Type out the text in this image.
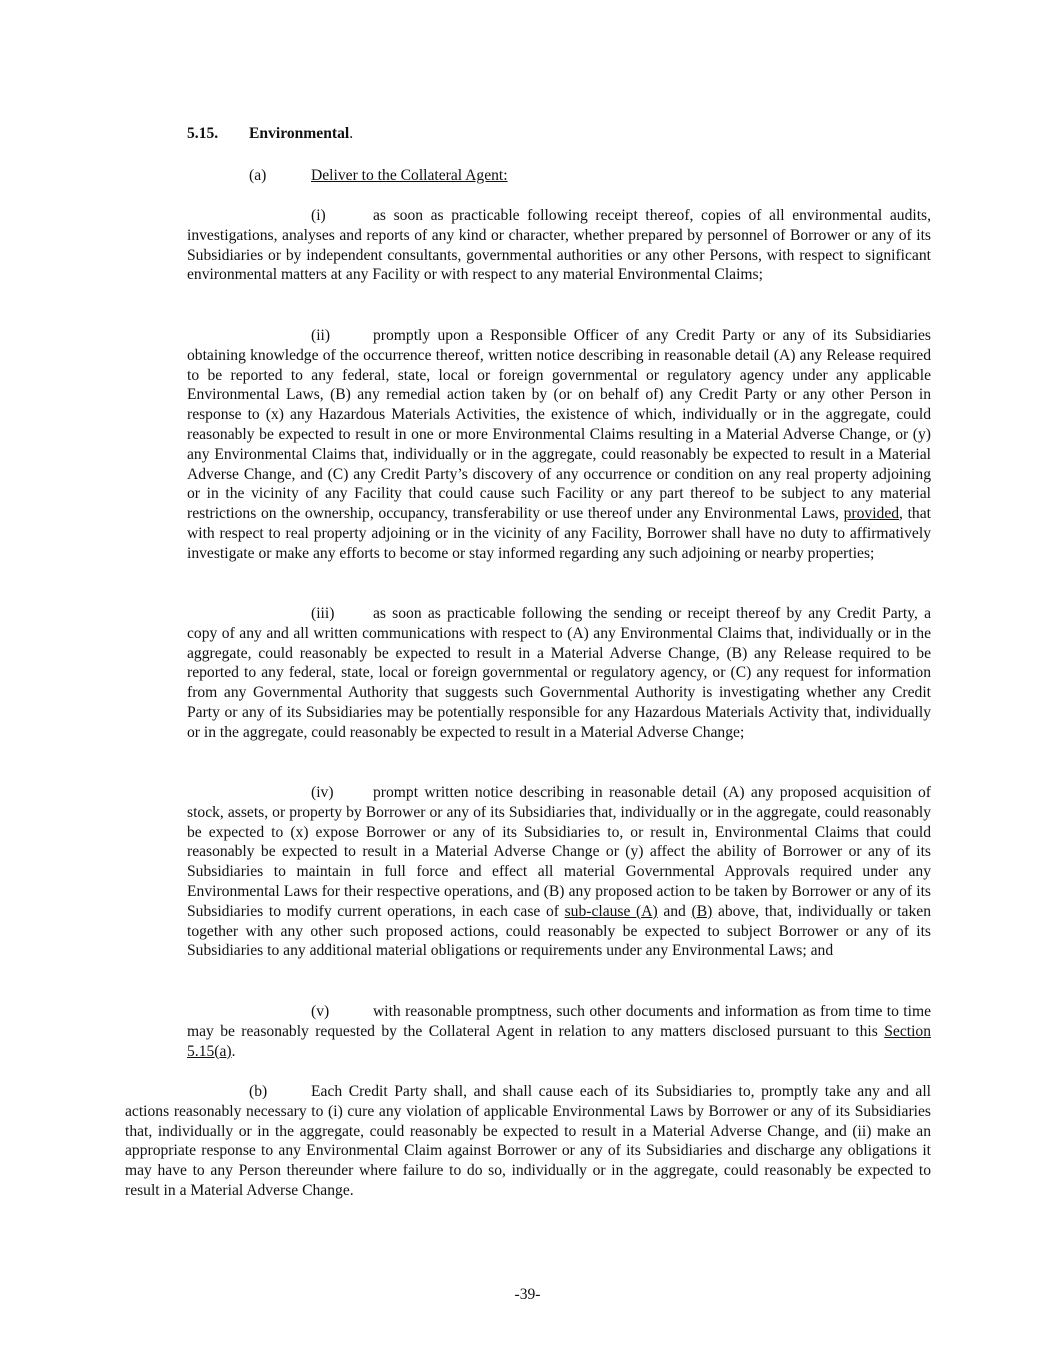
5.15. Environmental.
(a)	Deliver to the Collateral Agent:
(i)	as soon as practicable following receipt thereof, copies of all environmental audits, investigations, analyses and reports of any kind or character, whether prepared by personnel of Borrower or any of its Subsidiaries or by independent consultants, governmental authorities or any other Persons, with respect to significant environmental matters at any Facility or with respect to any material Environmental Claims;
(ii)	promptly upon a Responsible Officer of any Credit Party or any of its Subsidiaries obtaining knowledge of the occurrence thereof, written notice describing in reasonable detail (A) any Release required to be reported to any federal, state, local or foreign governmental or regulatory agency under any applicable Environmental Laws, (B) any remedial action taken by (or on behalf of) any Credit Party or any other Person in response to (x) any Hazardous Materials Activities, the existence of which, individually or in the aggregate, could reasonably be expected to result in one or more Environmental Claims resulting in a Material Adverse Change, or (y) any Environmental Claims that, individually or in the aggregate, could reasonably be expected to result in a Material Adverse Change, and (C) any Credit Party’s discovery of any occurrence or condition on any real property adjoining or in the vicinity of any Facility that could cause such Facility or any part thereof to be subject to any material restrictions on the ownership, occupancy, transferability or use thereof under any Environmental Laws, provided, that with respect to real property adjoining or in the vicinity of any Facility, Borrower shall have no duty to affirmatively investigate or make any efforts to become or stay informed regarding any such adjoining or nearby properties;
(iii) as soon as practicable following the sending or receipt thereof by any Credit Party, a copy of any and all written communications with respect to (A) any Environmental Claims that, individually or in the aggregate, could reasonably be expected to result in a Material Adverse Change, (B) any Release required to be reported to any federal, state, local or foreign governmental or regulatory agency, or (C) any request for information from any Governmental Authority that suggests such Governmental Authority is investigating whether any Credit Party or any of its Subsidiaries may be potentially responsible for any Hazardous Materials Activity that, individually or in the aggregate, could reasonably be expected to result in a Material Adverse Change;
(iv)	prompt written notice describing in reasonable detail (A) any proposed acquisition of stock, assets, or property by Borrower or any of its Subsidiaries that, individually or in the aggregate, could reasonably be expected to (x) expose Borrower or any of its Subsidiaries to, or result in, Environmental Claims that could reasonably be expected to result in a Material Adverse Change or (y) affect the ability of Borrower or any of its Subsidiaries to maintain in full force and effect all material Governmental Approvals required under any Environmental Laws for their respective operations, and (B) any proposed action to be taken by Borrower or any of its Subsidiaries to modify current operations, in each case of sub-clause (A) and (B) above, that, individually or taken together with any other such proposed actions, could reasonably be expected to subject Borrower or any of its Subsidiaries to any additional material obligations or requirements under any Environmental Laws; and
(v)	with reasonable promptness, such other documents and information as from time to time may be reasonably requested by the Collateral Agent in relation to any matters disclosed pursuant to this Section 5.15(a).
(b)	Each Credit Party shall, and shall cause each of its Subsidiaries to, promptly take any and all actions reasonably necessary to (i) cure any violation of applicable Environmental Laws by Borrower or any of its Subsidiaries that, individually or in the aggregate, could reasonably be expected to result in a Material Adverse Change, and (ii) make an appropriate response to any Environmental Claim against Borrower or any of its Subsidiaries and discharge any obligations it may have to any Person thereunder where failure to do so, individually or in the aggregate, could reasonably be expected to result in a Material Adverse Change.
-39-
